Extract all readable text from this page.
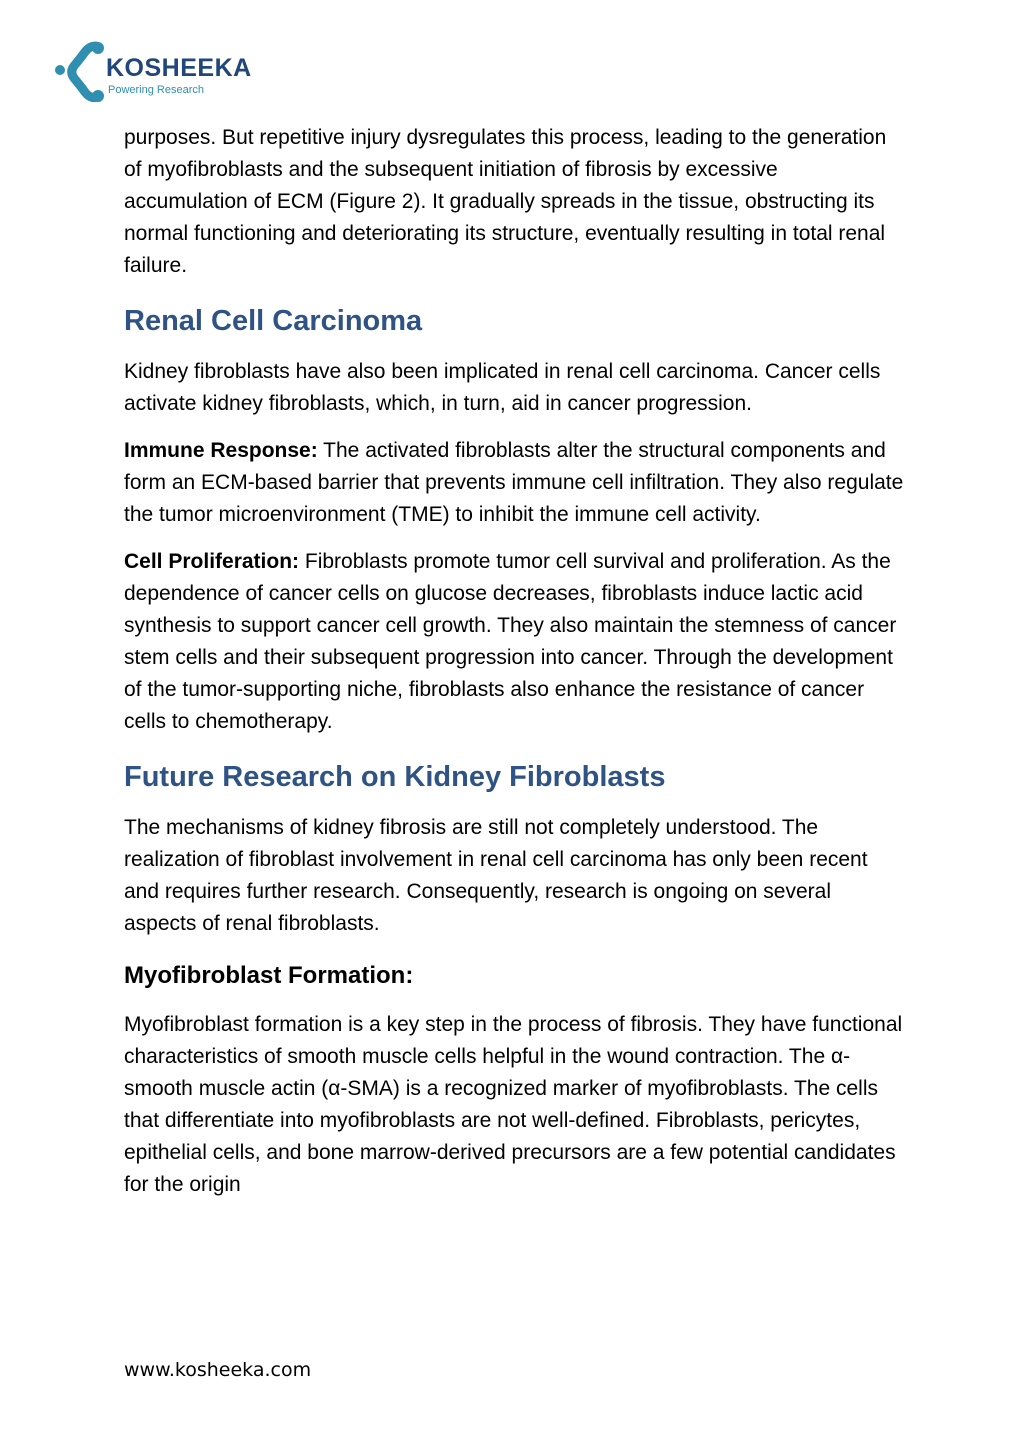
KOSHEEKA
Powering Research

purposes. But repetitive injury dysregulates this process, leading to the generation of myofibroblasts and the subsequent initiation of fibrosis by excessive accumulation of ECM (Figure 2). It gradually spreads in the tissue, obstructing its normal functioning and deteriorating its structure, eventually resulting in total renal failure.

Renal Cell Carcinoma

Kidney fibroblasts have also been implicated in renal cell carcinoma. Cancer cells activate kidney fibroblasts, which, in turn, aid in cancer progression.

Immune Response: The activated fibroblasts alter the structural components and form an ECM-based barrier that prevents immune cell infiltration. They also regulate the tumor microenvironment (TME) to inhibit the immune cell activity.

Cell Proliferation: Fibroblasts promote tumor cell survival and proliferation. As the dependence of cancer cells on glucose decreases, fibroblasts induce lactic acid synthesis to support cancer cell growth. They also maintain the stemness of cancer stem cells and their subsequent progression into cancer. Through the development of the tumor-supporting niche, fibroblasts also enhance the resistance of cancer cells to chemotherapy.

Future Research on Kidney Fibroblasts

The mechanisms of kidney fibrosis are still not completely understood. The realization of fibroblast involvement in renal cell carcinoma has only been recent and requires further research. Consequently, research is ongoing on several aspects of renal fibroblasts.

Myofibroblast Formation:

Myofibroblast formation is a key step in the process of fibrosis. They have functional characteristics of smooth muscle cells helpful in the wound contraction. The α-smooth muscle actin (α-SMA) is a recognized marker of myofibroblasts. The cells that differentiate into myofibroblasts are not well-defined. Fibroblasts, pericytes, epithelial cells, and bone marrow-derived precursors are a few potential candidates for the origin

www.kosheeka.com
